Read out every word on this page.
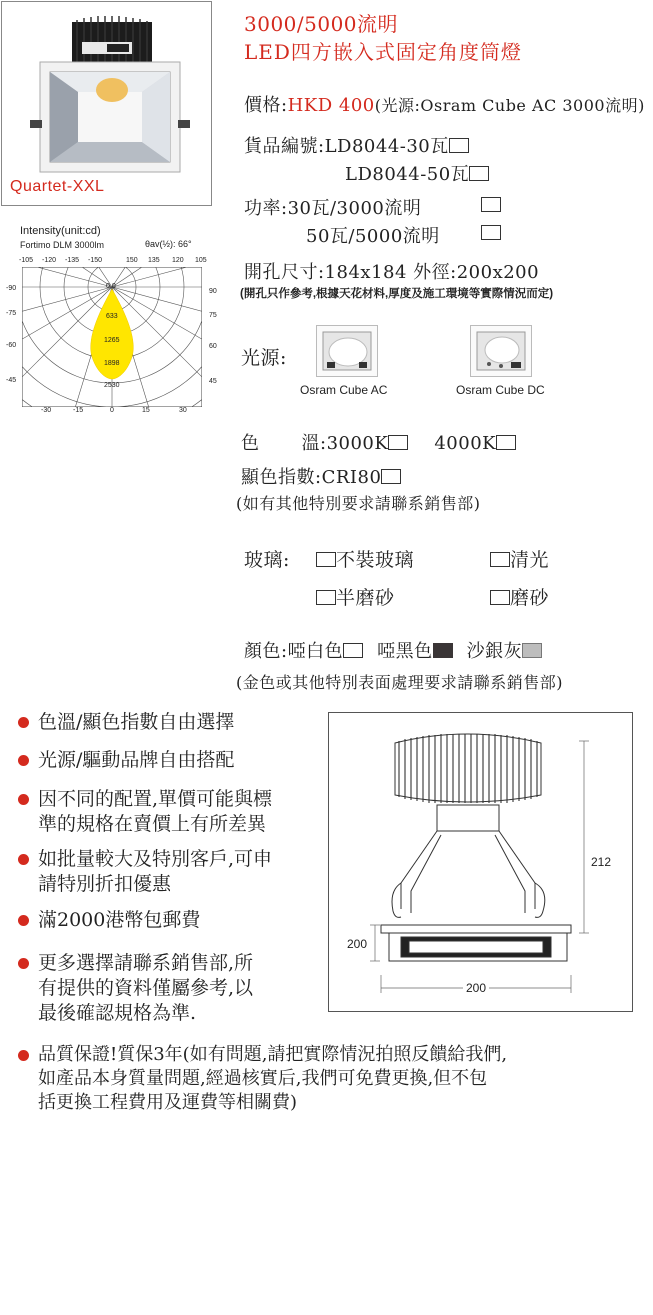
Quartet-XXL
3000/5000流明
LED四方嵌入式固定角度筒燈
價格:HKD 400(光源:Osram Cube AC 3000流明)
貨品編號:LD8044-30瓦
LD8044-50瓦
功率:30瓦/3000流明
50瓦/5000流明
開孔尺寸:184x184 外徑:200x200
(開孔只作參考,根據天花材料,厚度及施工環境等實際情況而定)
Intensity(unit:cd)
Fortimo DLM 3000lm	θav(½): 66°
-105 -120 -135 -150	150 135 120 105
0.0
633
1265
1898
2530
-90
-75
-60
-45
90
75
60
45
-30	-15	0	15	30
光源:
Osram Cube AC	Osram Cube DC
色 溫:3000K	4000K
顯色指數:CRI80
(如有其他特別要求請聯系銷售部)
玻璃:	不裝玻璃	清光
半磨砂	磨砂
顏色:啞白色 啞黑色 沙銀灰
(金色或其他特別表面處理要求請聯系銷售部)
色溫/顯色指數自由選擇
光源/驅動品牌自由搭配
因不同的配置,單價可能與標
準的規格在賣價上有所差異
如批量較大及特別客戶,可申
請特別折扣優惠
滿2000港幣包郵費
更多選擇請聯系銷售部,所
有提供的資料僅屬參考,以
最後確認規格為準.
212
200
200
品質保證!質保3年(如有問題,請把實際情況拍照反饋給我們,
如產品本身質量問題,經過核實后,我們可免費更換,但不包
括更換工程費用及運費等相關費)
